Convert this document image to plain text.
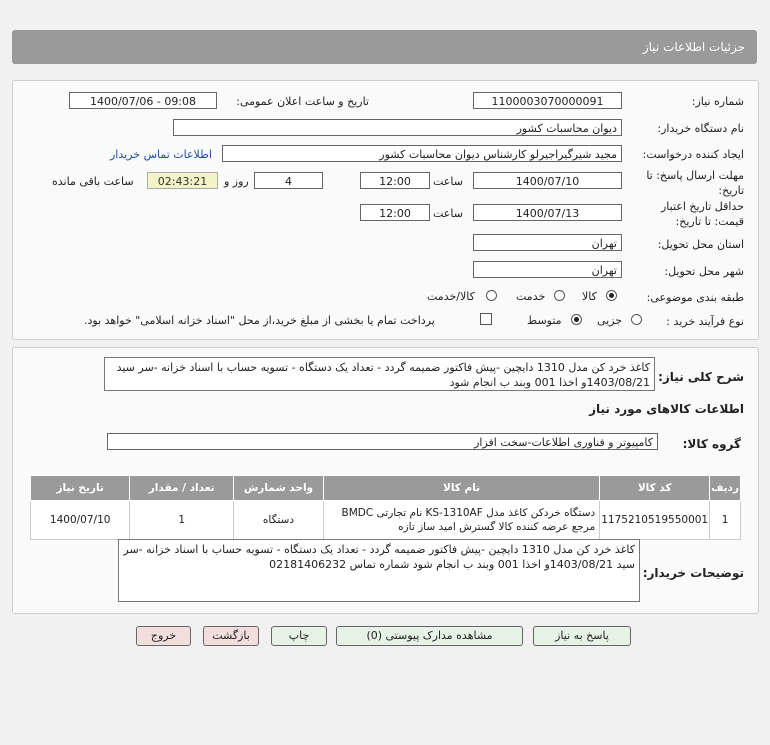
جزئیات اطلاعات نیاز
شماره نیاز:
1100003070000091
تاریخ و ساعت اعلان عمومی:
1400/07/06 - 09:08
نام دستگاه خریدار:
دیوان محاسبات کشور
ایجاد کننده درخواست:
مجید شیرگیراجیرلو کارشناس دیوان محاسبات کشور
اطلاعات تماس خریدار
مهلت ارسال پاسخ: تا تاریخ:
1400/07/10
ساعت
12:00
4
روز و
02:43:21
ساعت باقی مانده
حداقل تاریخ اعتبار قیمت: تا تاریخ:
1400/07/13
ساعت
12:00
استان محل تحویل:
تهران
شهر محل تحویل:
تهران
طبقه بندی موضوعی:
کالا
خدمت
کالا/خدمت
نوع فرآیند خرید :
جزیی
متوسط
پرداخت تمام یا بخشی از مبلغ خرید،از محل "اسناد خزانه اسلامی" خواهد بود.
شرح کلی نیاز:
کاغذ خرد کن مدل 1310 دایچین -پیش فاکتور ضمیمه گردد - تعداد یک دستگاه - تسویه حساب با اسناد خزانه -سر سید 1403/08/21و اخذا 001 وبند ب انجام شود
اطلاعات کالاهای مورد نیاز
گروه کالا:
کامپیوتر و فناوری اطلاعات-سخت افزار
ردیف	کد کالا	نام کالا	واحد شمارش	تعداد / مقدار	تاریخ نیاز
1	1175210519550001	دستگاه خردکن کاغذ مدل KS-1310AF نام تجارتی BMDC مرجع عرضه کننده کالا گسترش امید ساز تازه	دستگاه	1	1400/07/10
توضیحات خریدار:
کاغذ خرد کن مدل 1310 دایچین -پیش فاکتور ضمیمه گردد - تعداد یک دستگاه - تسویه حساب با اسناد خزانه -سر سید 1403/08/21و اخذا 001 وبند ب انجام شود شماره تماس 02181406232
پاسخ به نیاز
مشاهده مدارک پیوستی (0)
چاپ
بازگشت
خروج
